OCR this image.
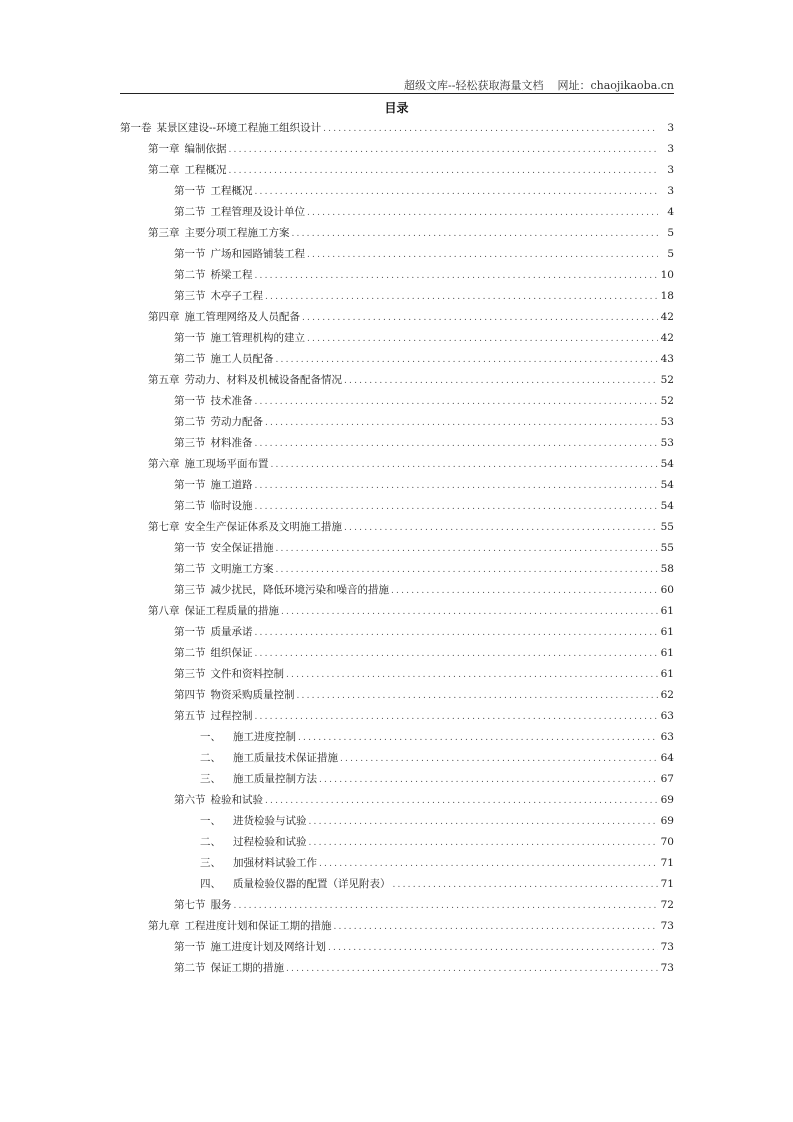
超级文库--轻松获取海量文档 网址：chaojikaoba.cn
目录
第一卷 某景区建设--环境工程施工组织设计 .....	3
第一章 编制依据 .....	3
第二章 工程概况 .....	3
第一节 工程概况 .....	3
第二节 工程管理及设计单位 .....	4
第三章 主要分项工程施工方案 .....	5
第一节 广场和园路铺装工程 .....	5
第二节 桥梁工程 .....	10
第三节 木亭子工程 .....	18
第四章 施工管理网络及人员配备 .....	42
第一节 施工管理机构的建立 .....	42
第二节 施工人员配备 .....	43
第五章 劳动力、材料及机械设备配备情况 .....	52
第一节 技术准备 .....	52
第二节 劳动力配备 .....	53
第三节 材料准备 .....	53
第六章 施工现场平面布置 .....	54
第一节 施工道路 .....	54
第二节 临时设施 .....	54
第七章 安全生产保证体系及文明施工措施 .....	55
第一节 安全保证措施 .....	55
第二节 文明施工方案 .....	58
第三节 减少扰民，降低环境污染和噪音的措施 .....	60
第八章 保证工程质量的措施 .....	61
第一节 质量承诺 .....	61
第二节 组织保证 .....	61
第三节 文件和资料控制 .....	61
第四节 物资采购质量控制 .....	62
第五节 过程控制 .....	63
一、 施工进度控制 .....	63
二、 施工质量技术保证措施 .....	64
三、 施工质量控制方法 .....	67
第六节 检验和试验 .....	69
一、 进货检验与试验 .....	69
二、 过程检验和试验 .....	70
三、 加强材料试验工作 .....	71
四、 质量检验仪器的配置（详见附表） .....	71
第七节 服务 .....	72
第九章 工程进度计划和保证工期的措施 .....	73
第一节 施工进度计划及网络计划 .....	73
第二节 保证工期的措施 .....	73
